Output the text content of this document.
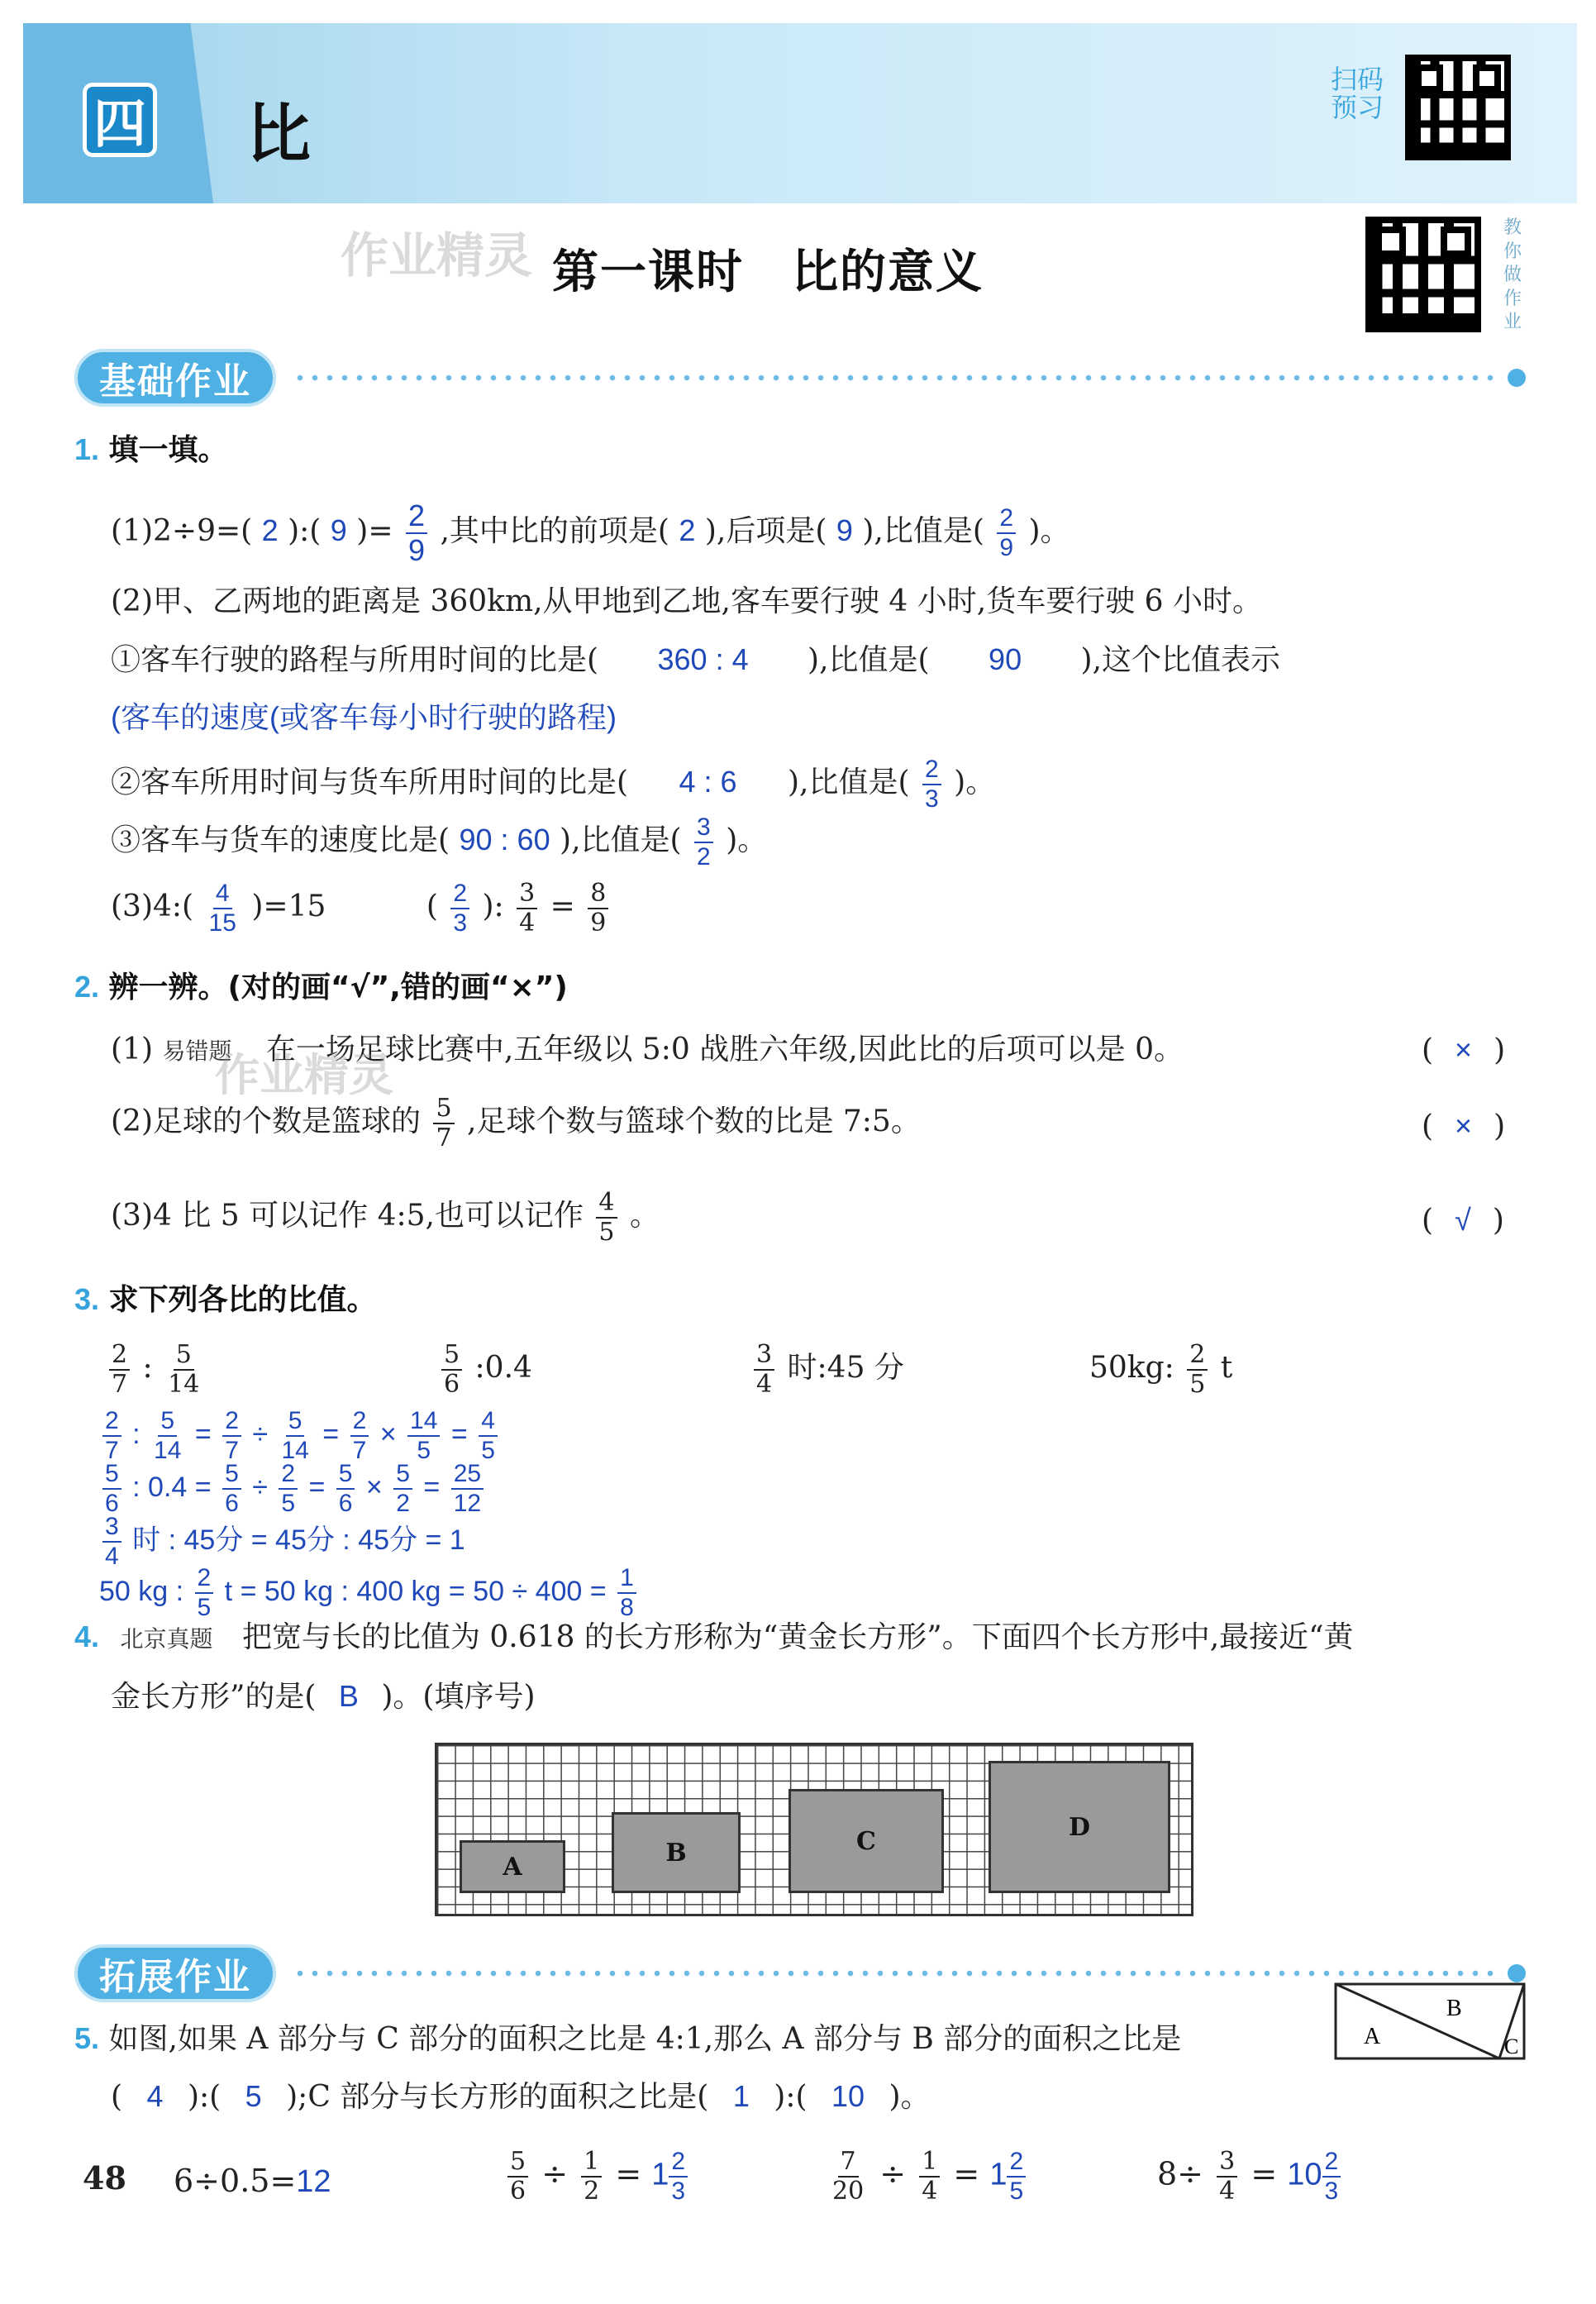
四 比
扫码
预习
作业精灵 第一课时　比的意义
教
你
做
作
业
基础作业
1. 填一填。
(1)2÷9=( 2 ):( 9 )= $\frac{2}{9}$ ,其中比的前项是( 2 ),后项是( 9 ),比值是( $\frac{2}{9}$ )。
(2)甲、乙两地的距离是 360km,从甲地到乙地,客车要行驶 4 小时,货车要行驶 6 小时。
①客车行驶的路程与所用时间的比是( 360 : 4 ),比值是( 90 ),这个比值表示
(客车的速度(或客车每小时行驶的路程)
②客车所用时间与货车所用时间的比是( 4 : 6 ),比值是( $\frac{2}{3}$ )。
③客车与货车的速度比是( 90 : 60 ),比值是( $\frac{3}{2}$ )。
(3)4:( $\frac{4}{15} )=15$	( $\frac{2}{3}$ ): $\frac{3}{4} = \frac{8}{9}$
2. 辨一辨。(对的画“√”,错的画“×”)
(1) 易错题 在一场足球比赛中,五年级以 5:0 战胜六年级,因此比的后项可以是 0。
作业精灵	( × )
(2)足球的个数是篮球的 $\frac{5}{7}$ ,足球个数与篮球个数的比是 7:5。	( × )
(3)4 比 5 可以记作 4:5,也可以记作 $\frac{4}{5}$ 。	( √ )
3. 求下列各比的比值。
$\frac{2}{7}$ : $\frac{5}{14}$	$\frac{5}{6}$ :0.4	$\frac{3}{4}$ 时:45 分	50kg: $\frac{2}{5}$ t
$\frac{2}{7}$ : $\frac{5}{14} = \frac{2}{7} \div \frac{5}{14} = \frac{2}{7} \times \frac{14}{5} = \frac{4}{5}$
$\frac{5}{6}$ : $0.4 = \frac{5}{6} \div \frac{2}{5} = \frac{5}{6} \times \frac{5}{2} = \frac{25}{12}$
$\frac{3}{4}$ 时 : 45分 = 45分 : 45分 = 1
50 kg : $\frac{2}{5}$ t = 50 kg : 400 kg = $50 \div 400 = \frac{1}{8}$
4. 北京真题 把宽与长的比值为 0.618 的长方形称为“黄金长方形”。下面四个长方形中,最接近“黄
金长方形”的是( B )。(填序号)
A	B	C	D
拓展作业
5. 如图,如果 A 部分与 C 部分的面积之比是 4:1,那么 A 部分与 B 部分的面积之比是
( 4 ):( 5 );C 部分与长方形的面积之比是( 1 ):( 10 )。
A
B
C
48 6÷0.5=12	$\frac{5}{6} \div \frac{1}{2} = 1 \frac{2}{3}$	$\frac{7}{20} \div \frac{1}{4} = 1 \frac{2}{5}$	$8\div \frac{3}{4} = 10 \frac{2}{3}$
